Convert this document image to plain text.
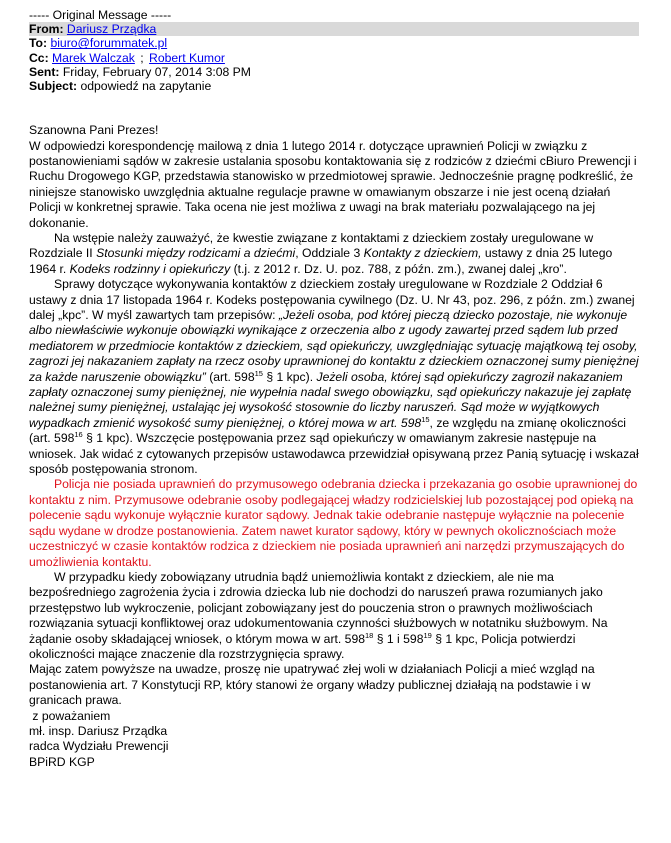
----- Original Message -----
From: Dariusz Prządka
To: biuro@forummatek.pl
Cc: Marek Walczak ; Robert Kumor
Sent: Friday, February 07, 2014 3:08 PM
Subject: odpowiedź na zapytanie

Szanowna Pani Prezes!

W odpowiedzi korespondencję mailową z dnia 1 lutego 2014 r. dotyczące uprawnień Policji w związku z postanowieniami sądów w zakresie ustalania sposobu kontaktowania się z rodziców z dziećmi cBiuro Prewencji i Ruchu Drogowego KGP, przedstawia stanowisko w przedmiotowej sprawie. Jednocześnie pragnę podkreślić, że niniejsze stanowisko uwzględnia aktualne regulacje prawne w omawianym obszarze i nie jest oceną działań Policji w konkretnej sprawie. Taka ocena nie jest możliwa z uwagi na brak materiału pozwalającego na jej dokonanie.

Na wstępie należy zauważyć, że kwestie związane z kontaktami z dzieckiem zostały uregulowane w Rozdziale II Stosunki między rodzicami a dziećmi, Oddziale 3 Kontakty z dzieckiem, ustawy z dnia 25 lutego 1964 r. Kodeks rodzinny i opiekuńczy (t.j. z 2012 r. Dz. U. poz. 788, z późn. zm.), zwanej dalej „kro”.

Sprawy dotyczące wykonywania kontaktów z dzieckiem zostały uregulowane w Rozdziale 2 Oddział 6 ustawy z dnia 17 listopada 1964 r. Kodeks postępowania cywilnego (Dz. U. Nr 43, poz. 296, z późn. zm.) zwanej dalej „kpc”. W myśl zawartych tam przepisów: „Jeżeli osoba, pod której pieczą dziecko pozostaje, nie wykonuje albo niewłaściwie wykonuje obowiązki wynikające z orzeczenia albo z ugody zawartej przed sądem lub przed mediatorem w przedmiocie kontaktów z dzieckiem, sąd opiekuńczy, uwzględniając sytuację majątkową tej osoby, zagrozi jej nakazaniem zapłaty na rzecz osoby uprawnionej do kontaktu z dzieckiem oznaczonej sumy pieniężnej za każde naruszenie obowiązku” (art. $598^{15}$ § 1 kpc). Jeżeli osoba, której sąd opiekuńczy zagroził nakazaniem zapłaty oznaczonej sumy pieniężnej, nie wypełnia nadal swego obowiązku, sąd opiekuńczy nakazuje jej zapłatę należnej sumy pieniężnej, ustalając jej wysokość stosownie do liczby naruszeń. Sąd może w wyjątkowych wypadkach zmienić wysokość sumy pieniężnej, o której mowa w art. $598^{15}$, ze względu na zmianę okoliczności (art. $598^{16}$ § 1 kpc). Wszczęcie postępowania przez sąd opiekuńczy w omawianym zakresie następuje na wniosek. Jak widać z cytowanych przepisów ustawodawca przewidział opisywaną przez Panią sytuację i wskazał sposób postępowania stronom.

Policja nie posiada uprawnień do przymusowego odebrania dziecka i przekazania go osobie uprawnionej do kontaktu z nim. Przymusowe odebranie osoby podlegającej władzy rodzicielskiej lub pozostającej pod opieką na polecenie sądu wykonuje wyłącznie kurator sądowy. Jednak takie odebranie następuje wyłącznie na polecenie sądu wydane w drodze postanowienia. Zatem nawet kurator sądowy, który w pewnych okolicznościach może uczestniczyć w czasie kontaktów rodzica z dzieckiem nie posiada uprawnień ani narzędzi przymuszających do umożliwienia kontaktu.

W przypadku kiedy zobowiązany utrudnia bądź uniemożliwia kontakt z dzieckiem, ale nie ma bezpośredniego zagrożenia życia i zdrowia dziecka lub nie dochodzi do naruszeń prawa rozumianych jako przestępstwo lub wykroczenie, policjant zobowiązany jest do pouczenia stron o prawnych możliwościach rozwiązania sytuacji konfliktowej oraz udokumentowania czynności służbowych w notatniku służbowym. Na żądanie osoby składającej wniosek, o którym mowa w art. $598^{18}$ § 1 i $598^{19}$ § 1 kpc, Policja potwierdzi okoliczności mające znaczenie dla rozstrzygnięcia sprawy.

Mając zatem powyższe na uwadze, proszę nie upatrywać złej woli w działaniach Policji a mieć wzgląd na postanowienia art. 7 Konstytucji RP, który stanowi że organy władzy publicznej działają na podstawie i w granicach prawa.

z poważaniem

mł. insp. Dariusz Prządka

radca Wydziału Prewencji

BPiRD KGP
